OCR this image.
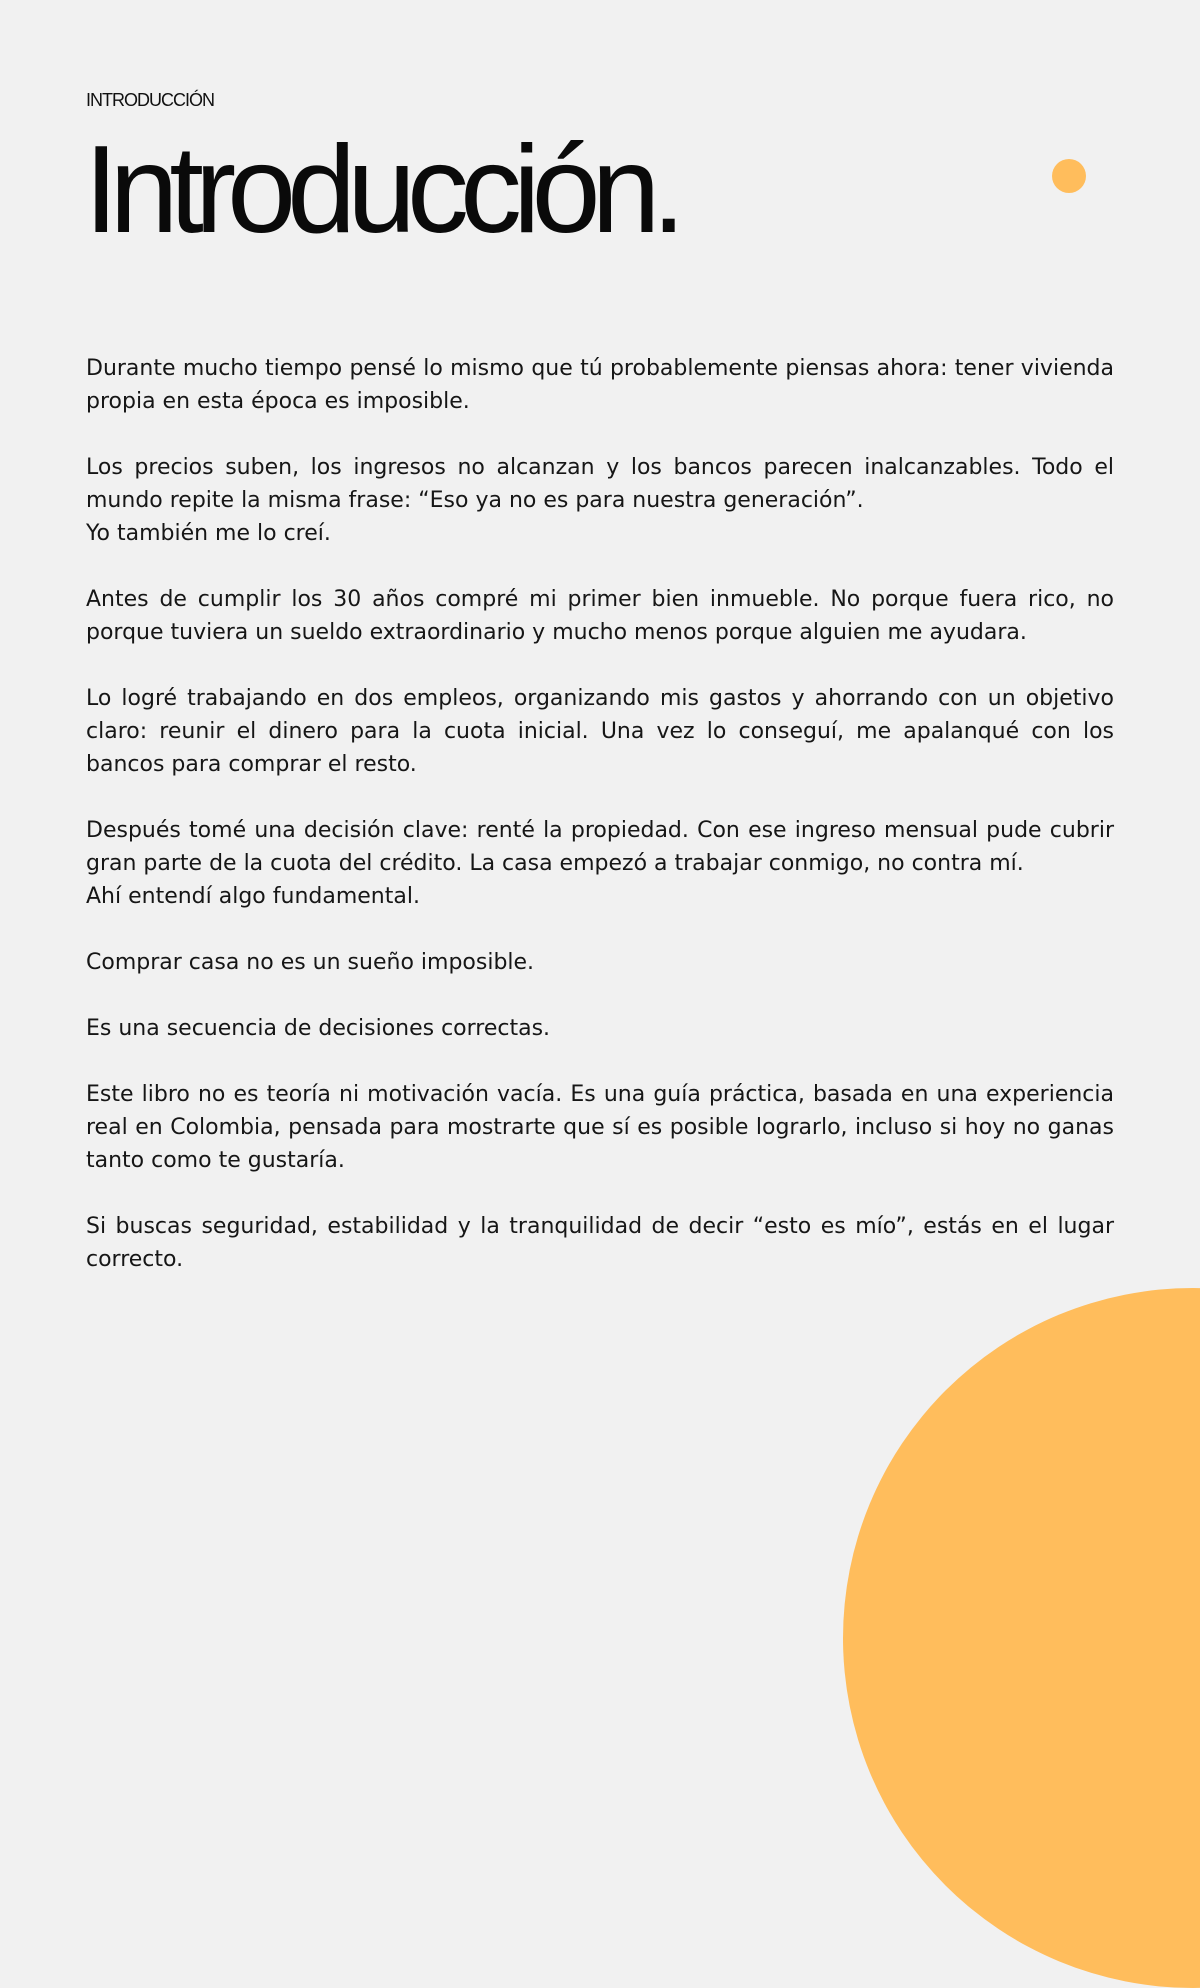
INTRODUCCIÓN
Introducción.

Durante mucho tiempo pensé lo mismo que tú probablemente piensas ahora: tener vivienda propia en esta época es imposible.

Los precios suben, los ingresos no alcanzan y los bancos parecen inalcanzables. Todo el mundo repite la misma frase: “Eso ya no es para nuestra generación”.
Yo también me lo creí.

Antes de cumplir los 30 años compré mi primer bien inmueble. No porque fuera rico, no porque tuviera un sueldo extraordinario y mucho menos porque alguien me ayudara.

Lo logré trabajando en dos empleos, organizando mis gastos y ahorrando con un objetivo claro: reunir el dinero para la cuota inicial. Una vez lo conseguí, me apalanqué con los bancos para comprar el resto.

Después tomé una decisión clave: renté la propiedad. Con ese ingreso mensual pude cubrir gran parte de la cuota del crédito. La casa empezó a trabajar conmigo, no contra mí.
Ahí entendí algo fundamental.

Comprar casa no es un sueño imposible.

Es una secuencia de decisiones correctas.

Este libro no es teoría ni motivación vacía. Es una guía práctica, basada en una experiencia real en Colombia, pensada para mostrarte que sí es posible lograrlo, incluso si hoy no ganas tanto como te gustaría.

Si buscas seguridad, estabilidad y la tranquilidad de decir “esto es mío”, estás en el lugar correcto.
